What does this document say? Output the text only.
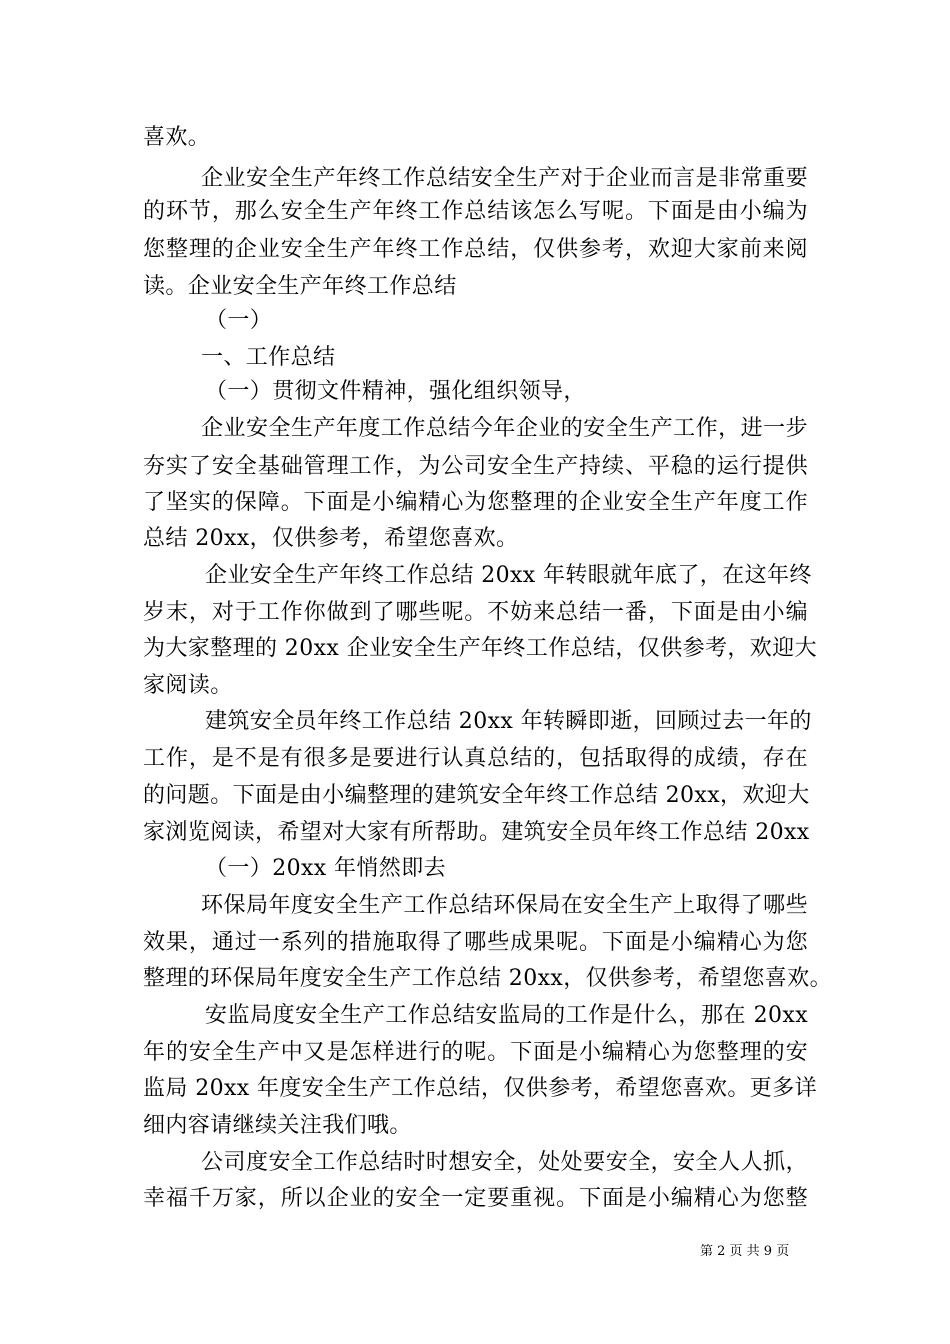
喜欢。
企业安全生产年终工作总结安全生产对于企业而言是非常重要
的环节，那么安全生产年终工作总结该怎么写呢。下面是由小编为
您整理的企业安全生产年终工作总结，仅供参考，欢迎大家前来阅
读。企业安全生产年终工作总结
（一）
一、工作总结
（一）贯彻文件精神，强化组织领导，
企业安全生产年度工作总结今年企业的安全生产工作，进一步
夯实了安全基础管理工作，为公司安全生产持续、平稳的运行提供
了坚实的保障。下面是小编精心为您整理的企业安全生产年度工作
总结 20xx，仅供参考，希望您喜欢。
企业安全生产年终工作总结 20xx 年转眼就年底了，在这年终
岁末，对于工作你做到了哪些呢。不妨来总结一番，下面是由小编
为大家整理的 20xx 企业安全生产年终工作总结，仅供参考，欢迎大
家阅读。
建筑安全员年终工作总结 20xx 年转瞬即逝，回顾过去一年的
工作，是不是有很多是要进行认真总结的，包括取得的成绩，存在
的问题。下面是由小编整理的建筑安全年终工作总结 20xx，欢迎大
家浏览阅读，希望对大家有所帮助。建筑安全员年终工作总结 20xx
（一）20xx 年悄然即去
环保局年度安全生产工作总结环保局在安全生产上取得了哪些
效果，通过一系列的措施取得了哪些成果呢。下面是小编精心为您
整理的环保局年度安全生产工作总结 20xx，仅供参考，希望您喜欢。
安监局度安全生产工作总结安监局的工作是什么，那在 20xx
年的安全生产中又是怎样进行的呢。下面是小编精心为您整理的安
监局 20xx 年度安全生产工作总结，仅供参考，希望您喜欢。更多详
细内容请继续关注我们哦。
公司度安全工作总结时时想安全，处处要安全，安全人人抓，
幸福千万家，所以企业的安全一定要重视。下面是小编精心为您整
第 2 页 共 9 页
